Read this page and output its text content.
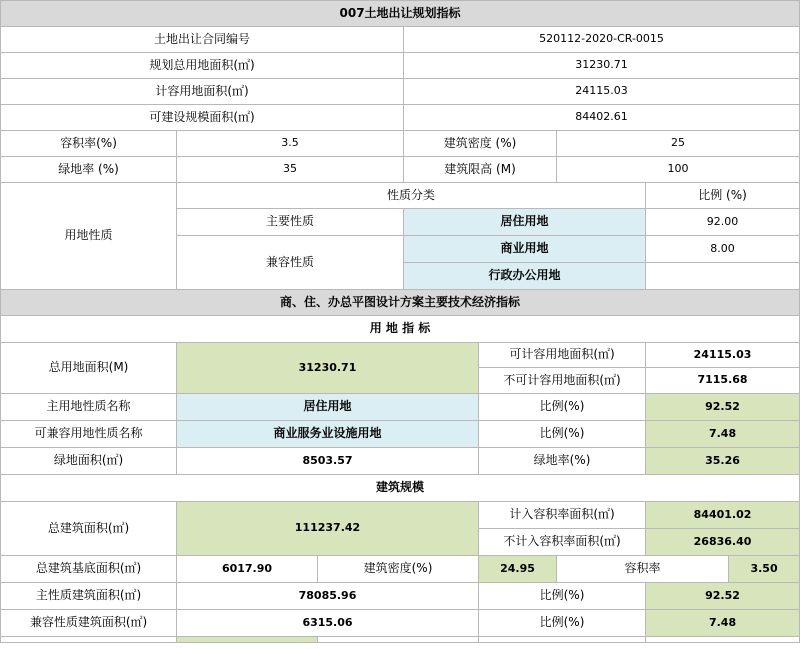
007土地出让规划指标							
土地出让合同编号			520112-2020-CR-0015				
规划总用地面积(㎡)			31230.71				
计容用地面积(㎡)			24115.03				
可建设规模面积(㎡)			84402.61				
容积率(%)	3.5		建筑密度 (%)		25		
绿地率 (%)	35		建筑限高 (M)		100		
用地性质	性质分类					比例 (%)	
	主要性质		居住用地			92.00	
	兼容性质		商业用地			8.00	
			行政办公用地				
商、住、办总平图设计方案主要技术经济指标							
用 地 指 标							
总用地面积(M)	31230.71			可计容用地面积(㎡)		24115.03	
				不可计容用地面积(㎡)		7115.68	
主用地性质名称	居住用地			比例(%)		92.52	
可兼容用地性质名称	商业服务业设施用地			比例(%)		7.48	
绿地面积(㎡)	8503.57			绿地率(%)		35.26	
建筑规模							
总建筑面积(㎡)	111237.42			计入容积率面积(㎡)		84401.02	
				不计入容积率面积(㎡)		26836.40	
总建筑基底面积(㎡)	6017.90	建筑密度(%)		24.95	容积率		3.50
主性质建筑面积(㎡)	78085.96			比例(%)		92.52	
兼容性质建筑面积(㎡)	6315.06			比例(%)		7.48	
